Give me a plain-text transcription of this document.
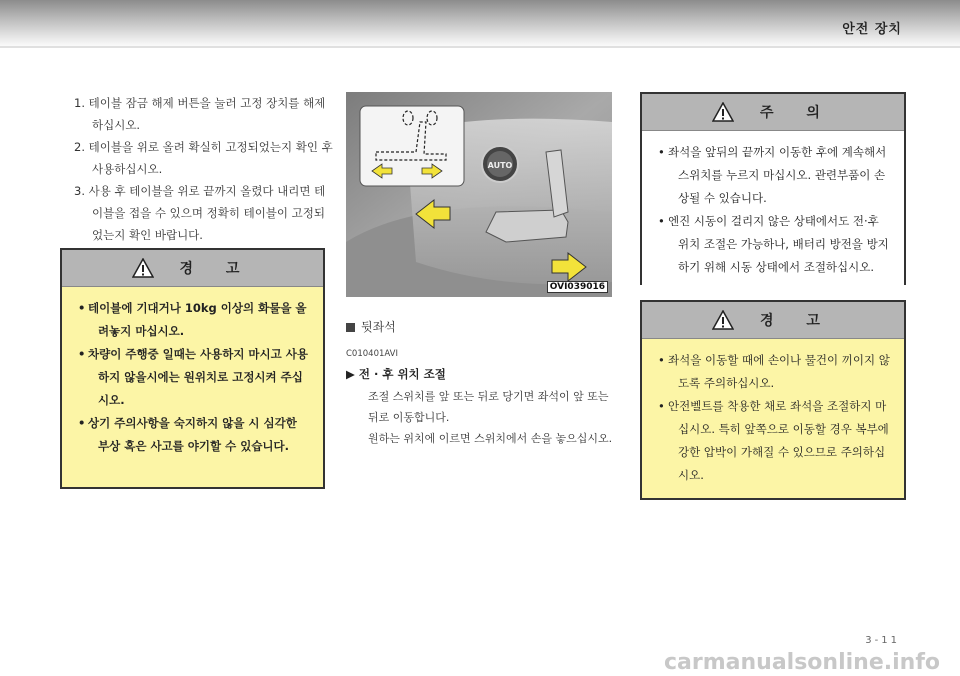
안전 장치
1. 테이블 잠금 해제 버튼을 눌러 고정 장치를 해제하십시오.
2. 테이블을 위로 올려 확실히 고정되었는지 확인 후 사용하십시오.
3. 사용 후 테이블을 위로 끝까지 올렸다 내리면 테이블을 접을 수 있으며 정확히 테이블이 고정되었는지 확인 바랍니다.
경 고
• 테이블에 기대거나 10kg 이상의 화물을 올려놓지 마십시오.
• 차량이 주행중 일때는 사용하지 마시고 사용하지 않을시에는 원위치로 고정시켜 주십시오.
• 상기 주의사항을 숙지하지 않을 시 심각한 부상 혹은 사고를 야기할 수 있습니다.
AUTO
OVI039016
뒷좌석
C010401AVI
▶ 전 · 후 위치 조절
조절 스위치를 앞 또는 뒤로 당기면 좌석이 앞 또는 뒤로 이동합니다.
원하는 위치에 이르면 스위치에서 손을 놓으십시오.
주 의
• 좌석을 앞뒤의 끝까지 이동한 후에 계속해서 스위치를 누르지 마십시오. 관련부품이 손상될 수 있습니다.
• 엔진 시동이 걸리지 않은 상태에서도 전·후 위치 조절은 가능하나, 배터리 방전을 방지하기 위해 시동 상태에서 조절하십시오.
경 고
• 좌석을 이동할 때에 손이나 물건이 끼이지 않도록 주의하십시오.
• 안전벨트를 착용한 채로 좌석을 조절하지 마십시오. 특히 앞쪽으로 이동할 경우 복부에 강한 압박이 가해질 수 있으므로 주의하십시오.
3-11
carmanualsonline.info
